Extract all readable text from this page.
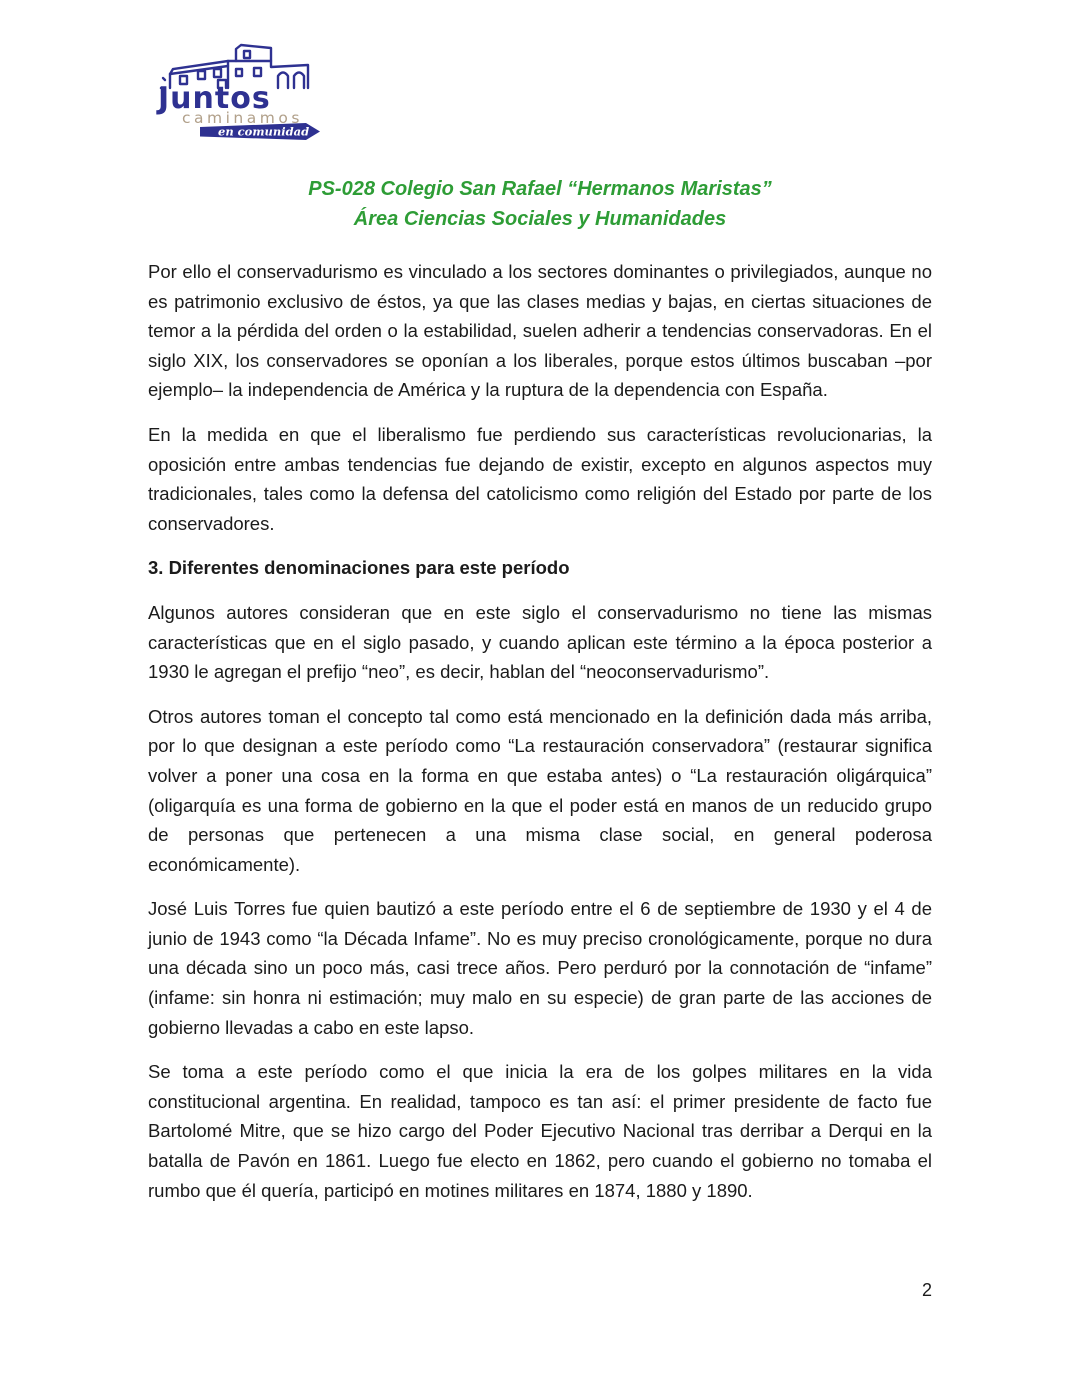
Juntos
caminamos
en comunidad
PS-028 Colegio San Rafael “Hermanos Maristas”
Área Ciencias Sociales y Humanidades

Por ello el conservadurismo es vinculado a los sectores dominantes o privilegiados, aunque no es patrimonio exclusivo de éstos, ya que las clases medias y bajas, en ciertas situaciones de temor a la pérdida del orden o la estabilidad, suelen adherir a tendencias conservadoras. En el siglo XIX, los conservadores se oponían a los liberales, porque estos últimos buscaban –por ejemplo– la independencia de América y la ruptura de la dependencia con España.

En la medida en que el liberalismo fue perdiendo sus características revolucionarias, la oposición entre ambas tendencias fue dejando de existir, excepto en algunos aspectos muy tradicionales, tales como la defensa del catolicismo como religión del Estado por parte de los conservadores.

3. Diferentes denominaciones para este período

Algunos autores consideran que en este siglo el conservadurismo no tiene las mismas características que en el siglo pasado, y cuando aplican este término a la época posterior a 1930 le agregan el prefijo “neo”, es decir, hablan del “neoconservadurismo”.

Otros autores toman el concepto tal como está mencionado en la definición dada más arriba, por lo que designan a este período como “La restauración conservadora” (restaurar significa volver a poner una cosa en la forma en que estaba antes) o “La restauración oligárquica” (oligarquía es una forma de gobierno en la que el poder está en manos de un reducido grupo de personas que pertenecen a una misma clase social, en general poderosa económicamente).

José Luis Torres fue quien bautizó a este período entre el 6 de septiembre de 1930 y el 4 de junio de 1943 como “la Década Infame”. No es muy preciso cronológicamente, porque no dura una década sino un poco más, casi trece años. Pero perduró por la connotación de “infame” (infame: sin honra ni estimación; muy malo en su especie) de gran parte de las acciones de gobierno llevadas a cabo en este lapso.

Se toma a este período como el que inicia la era de los golpes militares en la vida constitucional argentina. En realidad, tampoco es tan así: el primer presidente de facto fue Bartolomé Mitre, que se hizo cargo del Poder Ejecutivo Nacional tras derribar a Derqui en la batalla de Pavón en 1861. Luego fue electo en 1862, pero cuando el gobierno no tomaba el rumbo que él quería, participó en motines militares en 1874, 1880 y 1890.

2
